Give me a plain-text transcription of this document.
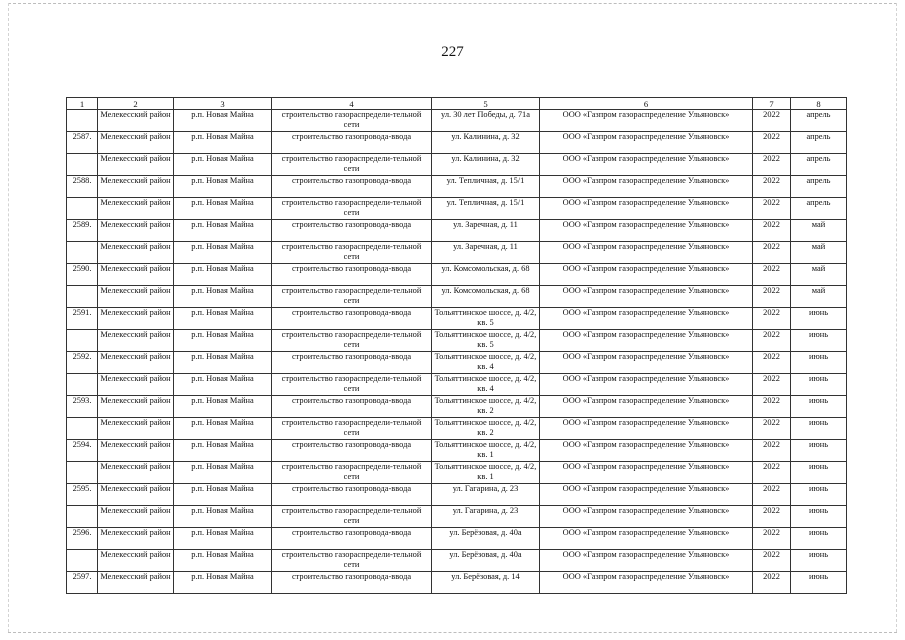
227
1	2	3	4	5	6	7	8
	Мелекесский район	р.п. Новая Майна	строительство газораспредели-тельной сети	ул. 30 лет Победы, д. 71а	ООО «Газпром газораспределение Ульяновск»	2022	апрель
2587.	Мелекесский район	р.п. Новая Майна	строительство газопровода-ввода	ул. Калинина, д. 32	ООО «Газпром газораспределение Ульяновск»	2022	апрель
	Мелекесский район	р.п. Новая Майна	строительство газораспредели-тельной сети	ул. Калинина, д. 32	ООО «Газпром газораспределение Ульяновск»	2022	апрель
2588.	Мелекесский район	р.п. Новая Майна	строительство газопровода-ввода	ул. Тепличная, д. 15/1	ООО «Газпром газораспределение Ульяновск»	2022	апрель
	Мелекесский район	р.п. Новая Майна	строительство газораспредели-тельной сети	ул. Тепличная, д. 15/1	ООО «Газпром газораспределение Ульяновск»	2022	апрель
2589.	Мелекесский район	р.п. Новая Майна	строительство газопровода-ввода	ул. Заречная, д. 11	ООО «Газпром газораспределение Ульяновск»	2022	май
	Мелекесский район	р.п. Новая Майна	строительство газораспредели-тельной сети	ул. Заречная, д. 11	ООО «Газпром газораспределение Ульяновск»	2022	май
2590.	Мелекесский район	р.п. Новая Майна	строительство газопровода-ввода	ул. Комсомольская, д. 68	ООО «Газпром газораспределение Ульяновск»	2022	май
	Мелекесский район	р.п. Новая Майна	строительство газораспредели-тельной сети	ул. Комсомольская, д. 68	ООО «Газпром газораспределение Ульяновск»	2022	май
2591.	Мелекесский район	р.п. Новая Майна	строительство газопровода-ввода	Тольяттинское шоссе, д. 4/2, кв. 5	ООО «Газпром газораспределение Ульяновск»	2022	июнь
	Мелекесский район	р.п. Новая Майна	строительство газораспредели-тельной сети	Тольяттинское шоссе, д. 4/2, кв. 5	ООО «Газпром газораспределение Ульяновск»	2022	июнь
2592.	Мелекесский район	р.п. Новая Майна	строительство газопровода-ввода	Тольяттинское шоссе, д. 4/2, кв. 4	ООО «Газпром газораспределение Ульяновск»	2022	июнь
	Мелекесский район	р.п. Новая Майна	строительство газораспредели-тельной сети	Тольяттинское шоссе, д. 4/2, кв. 4	ООО «Газпром газораспределение Ульяновск»	2022	июнь
2593.	Мелекесский район	р.п. Новая Майна	строительство газопровода-ввода	Тольяттинское шоссе, д. 4/2, кв. 2	ООО «Газпром газораспределение Ульяновск»	2022	июнь
	Мелекесский район	р.п. Новая Майна	строительство газораспредели-тельной сети	Тольяттинское шоссе, д. 4/2, кв. 2	ООО «Газпром газораспределение Ульяновск»	2022	июнь
2594.	Мелекесский район	р.п. Новая Майна	строительство газопровода-ввода	Тольяттинское шоссе, д. 4/2, кв. 1	ООО «Газпром газораспределение Ульяновск»	2022	июнь
	Мелекесский район	р.п. Новая Майна	строительство газораспредели-тельной сети	Тольяттинское шоссе, д. 4/2, кв. 1	ООО «Газпром газораспределение Ульяновск»	2022	июнь
2595.	Мелекесский район	р.п. Новая Майна	строительство газопровода-ввода	ул. Гагарина, д. 23	ООО «Газпром газораспределение Ульяновск»	2022	июнь
	Мелекесский район	р.п. Новая Майна	строительство газораспредели-тельной сети	ул. Гагарина, д. 23	ООО «Газпром газораспределение Ульяновск»	2022	июнь
2596.	Мелекесский район	р.п. Новая Майна	строительство газопровода-ввода	ул. Берёзовая, д. 40а	ООО «Газпром газораспределение Ульяновск»	2022	июнь
	Мелекесский район	р.п. Новая Майна	строительство газораспредели-тельной сети	ул. Берёзовая, д. 40а	ООО «Газпром газораспределение Ульяновск»	2022	июнь
2597.	Мелекесский район	р.п. Новая Майна	строительство газопровода-ввода	ул. Берёзовая, д. 14	ООО «Газпром газораспределение Ульяновск»	2022	июнь
